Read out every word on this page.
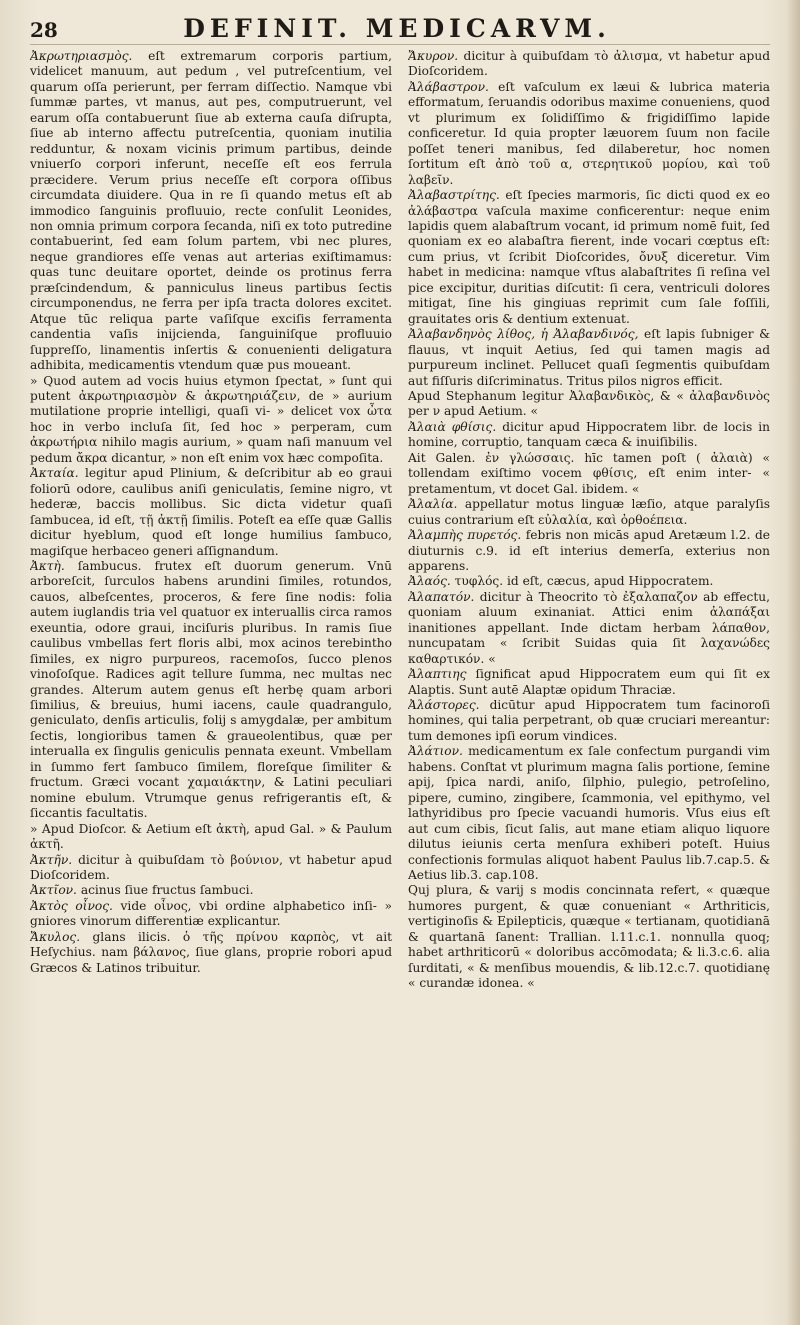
28	DEFINIT. MEDICARVM.

Ἀκρωτηριασμὸς. eſt extremarum corporis partium, videlicet manuum, aut pedum , vel putreſcentium, vel quarum oſſa perierunt, per ferram diſſectio. Namque vbi ſummæ partes, vt manus, aut pes, computruerunt, vel earum oſſa contabuerunt ſiue ab externa cauſa diſrupta, ſiue ab interno affectu putreſcentia, quoniam inutilia redduntur, & noxam vicinis primum partibus, deinde vniuerſo corpori inferunt, neceſſe eſt eos ferrula præcidere. Verum prius neceſſe eſt corpora oſſibus circumdata diuidere. Qua in re ſi quando metus eſt ab immodico ſanguinis profluuio, recte conſulit Leonides, non omnia primum corpora ſecanda, niſi ex toto putredine contabuerint, ſed eam ſolum partem, vbi nec plures, neque grandiores eſſe venas aut arterias exiſtimamus: quas tunc deuitare oportet, deinde os protinus ferra præſcindendum, & panniculus lineus partibus ſectis circumponendus, ne ferra per ipſa tracta dolores excitet. Atque tūc reliqua parte vaſiſque exciſis ferramenta candentia vaſis inijcienda, ſanguiniſque profluuio ſuppreſſo, linamentis inſertis & conuenienti deligatura adhibita, medicamentis vtendum quæ pus moueant.

» Quod autem ad vocis huius etymon ſpectat, » ſunt qui putent ἀκρωτηριασμὸν & ἀκρωτηριάζειν, de » aurium mutilatione proprie intelligi, quaſi vi- » delicet vox ὦτα hoc in verbo incluſa ſit, ſed hoc » perperam, cum ἀκρωτήρια nihilo magis aurium, » quam naſi manuum vel pedum ἄκρα dicantur, » non eſt enim vox hæc compoſita.

Ἀκταία. legitur apud Plinium, & deſcribitur ab eo graui foliorū odore, caulibus aniſi geniculatis, ſemine nigro, vt hederæ, baccis mollibus. Sic dicta videtur quaſi ſambucea, id eſt, τῇ ἀκτῇ ſimilis. Poteſt ea eſſe quæ Gallis dicitur hyeblum, quod eſt longe humilius ſambuco, magiſque herbaceo generi aſſignandum.

Ἀκτὴ. ſambucus. frutex eſt duorum generum. Vnū arboreſcit, ſurculos habens arundini ſimiles, rotundos, cauos, albeſcentes, proceros, & fere ſine nodis: folia autem iuglandis tria vel quatuor ex interuallis circa ramos exeuntia, odore graui, inciſuris pluribus. In ramis ſiue caulibus vmbellas fert floris albi, mox acinos terebintho ſimiles, ex nigro purpureos, racemoſos, ſucco plenos vinoſoſque. Radices agit tellure ſumma, nec multas nec grandes. Alterum autem genus eſt herbę quam arbori ſimilius, & breuius, humi iacens, caule quadrangulo, geniculato, denſis articulis, folij s amygdalæ, per ambitum ſectis, longioribus tamen & graueolentibus, quæ per interualla ex ſingulis geniculis pennata exeunt. Vmbellam in ſummo fert ſambuco ſimilem, floreſque ſimiliter & fructum. Græci vocant χαμαιάκτην, & Latini peculiari nomine ebulum. Vtrumque genus refrigerantis eſt, & ſiccantis facultatis.

» Apud Dioſcor. & Aetium eſt ἀκτὴ, apud Gal. » & Paulum ἀκτῆ.

Ἀκτῆν. dicitur à quibuſdam τὸ βούνιον, vt habetur apud Dioſcoridem.

Ἀκτῖον. acinus ſiue fructus ſambuci.

Ἀκτὸς οἶνος. vide οἶνος, vbi ordine alphabetico inſi- » gniores vinorum differentiæ explicantur.

Ἄκυλος. glans ilicis. ὁ τῆς πρίνου καρπὸς, vt ait Heſychius. nam βάλανος, ſiue glans, proprie robori apud Græcos & Latinos tribuitur.

Ἄκυρον. dicitur à quibuſdam τὸ ἀλισμα, vt habetur apud Dioſcoridem.

Ἀλάβαστρον. eſt vaſculum ex læui & lubrica materia efformatum, ſeruandis odoribus maxime conueniens, quod vt plurimum ex ſolidiſſimo & frigidiſſimo lapide conficeretur. Id quia propter læuorem ſuum non facile poſſet teneri manibus, ſed dilaberetur, hoc nomen ſortitum eſt ἀπὸ τοῦ α, στερητικοῦ μορίου, καὶ τοῦ λαβεῖν.

Ἀλαβαστρίτης. eſt ſpecies marmoris, ſic dicti quod ex eo ἀλάβαστρα vaſcula maxime conficerentur: neque enim lapidis quem alabaſtrum vocant, id primum nomē fuit, ſed quoniam ex eo alabaſtra fierent, inde vocari cœptus eſt: cum prius, vt ſcribit Dioſcorides, ὄνυξ diceretur. Vim habet in medicina: namque vſtus alabaſtrites ſi reſina vel pice excipitur, duritias diſcutit: ſi cera, ventriculi dolores mitigat, ſine his gingiuas reprimit cum ſale foſſili, grauitates oris & dentium extenuat.

Ἀλαβανδηνὸς λίθος, ἡ Ἀλαβανδινός, eſt lapis ſubniger & flauus, vt inquit Aetius, ſed qui tamen magis ad purpureum inclinet. Pellucet quaſi ſegmentis quibuſdam aut fiſſuris diſcriminatus. Tritus pilos nigros efficit.

Apud Stephanum legitur Ἀλαβανδικὸς, & « ἀλαβανδινὸς per ν apud Aetium. «

Ἀλαιὰ φθίσις. dicitur apud Hippocratem libr. de locis in homine, corruptio, tanquam cæca & inuiſibilis.

Ait Galen. ἐν γλώσσαις. hīc tamen poſt ( ἀλαιὰ) « tollendam exiſtimo vocem φθίσις, eſt enim inter- « pretamentum, vt docet Gal. ibidem. «

Ἀλαλία. appellatur motus linguæ læſio, atque paralyſis cuius contrarium eſt εὐλαλία, καὶ ὀρθοέπεια.

Ἀλαμπὴς πυρετός. febris non micās apud Aretæum l.2. de diuturnis c.9. id eſt interius demerſa, exterius non apparens.

Ἀλαός. τυφλός. id eſt, cæcus, apud Hippocratem.

Ἀλαπατόν. dicitur à Theocrito τὸ ἐξαλαπαζον ab effectu, quoniam aluum exinaniat. Attici enim ἀλαπάξαι inanitiones appellant. Inde dictam herbam λάπαθον, nuncupatam « ſcribit Suidas quia ſit λαχανώδες καθαρτικόν. «

Ἀλαπτιης ſignificat apud Hippocratem eum qui ſit ex Alaptis. Sunt autē Alaptæ opidum Thraciæ.

Ἀλάστορες. dicūtur apud Hippocratem tum facinoroſi homines, qui talia perpetrant, ob quæ cruciari mereantur: tum demones ipſi eorum vindices.

Ἀλάτιον. medicamentum ex ſale confectum purgandi vim habens. Conſtat vt plurimum magna ſalis portione, ſemine apij, ſpica nardi, aniſo, ſilphio, pulegio, petroſelino, pipere, cumino, zingibere, ſcammonia, vel epithymo, vel lathyridibus pro ſpecie vacuandi humoris. Vſus eius eſt aut cum cibis, ſicut ſalis, aut mane etiam aliquo liquore dilutus ieiunis certa menſura exhiberi poteſt. Huius confectionis formulas aliquot habent Paulus lib.7.cap.5. & Aetius lib.3. cap.108.

Quj plura, & varij s modis concinnata refert, « quæque humores purgent, & quæ conueniant « Arthriticis, vertiginoſis & Epilepticis, quæque « tertianam, quotidianā & quartanā ſanent: Trallian. l.11.c.1. nonnulla quoq; habet arthriticorū « doloribus accōmodata; & li.3.c.6. alia ſurditati, « & menſibus mouendis, & lib.12.c.7. quotidianę « curandæ idonea. «
